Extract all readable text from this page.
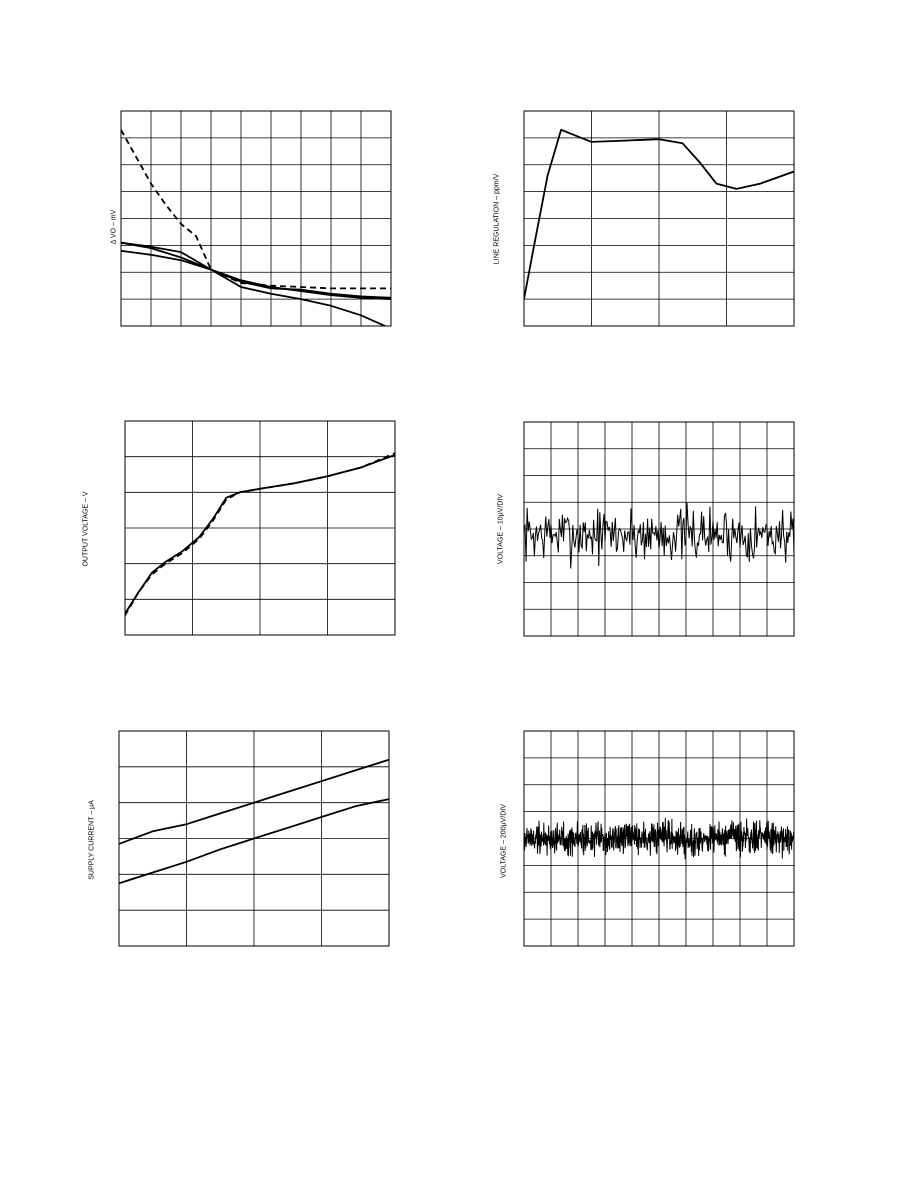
Δ VO – mV	LINE REGULATION – ppm/V
OUTPUT VOLTAGE – V	VOLTAGE – 10μV/DIV
SUPPLY CURRENT – μA	VOLTAGE – 200μV/DIV
